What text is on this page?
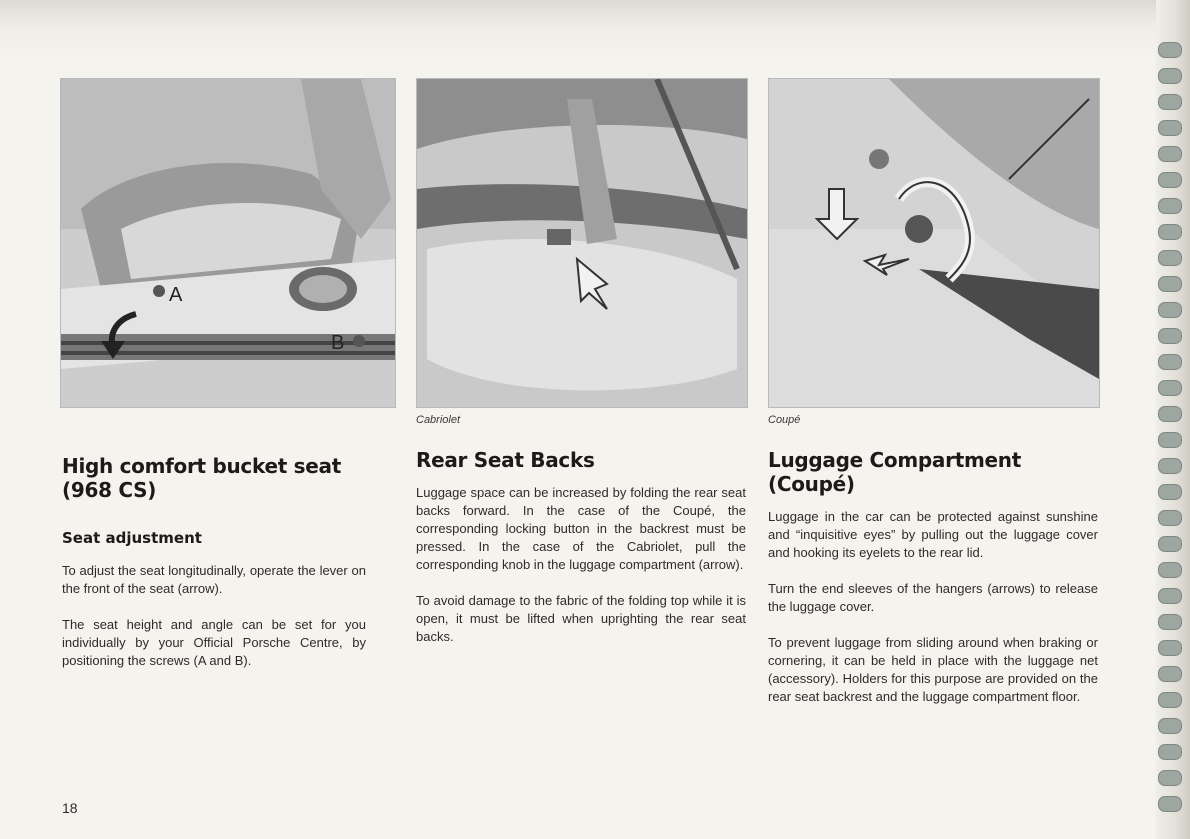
A
B
Cabriolet	Coupé
High comfort bucket seat
(968 CS)
Seat adjustment

To adjust the seat longitudinally, operate the lever on the front of the seat (arrow).

The seat height and angle can be set for you individually by your Official Porsche Centre, by positioning the screws (A and B).

Rear Seat Backs

Luggage space can be increased by folding the rear seat backs forward. In the case of the Coupé, the corresponding locking button in the backrest must be pressed. In the case of the Cabriolet, pull the corresponding knob in the luggage compartment (arrow).

To avoid damage to the fabric of the folding top while it is open, it must be lifted when uprighting the rear seat backs.

Luggage Compartment (Coupé)

Luggage in the car can be protected against sunshine and “inquisitive eyes” by pulling out the luggage cover and hooking its eyelets to the rear lid.

Turn the end sleeves of the hangers (arrows) to release the luggage cover.

To prevent luggage from sliding around when braking or cornering, it can be held in place with the luggage net (accessory). Holders for this purpose are provided on the rear seat backrest and the luggage compartment floor.

18
